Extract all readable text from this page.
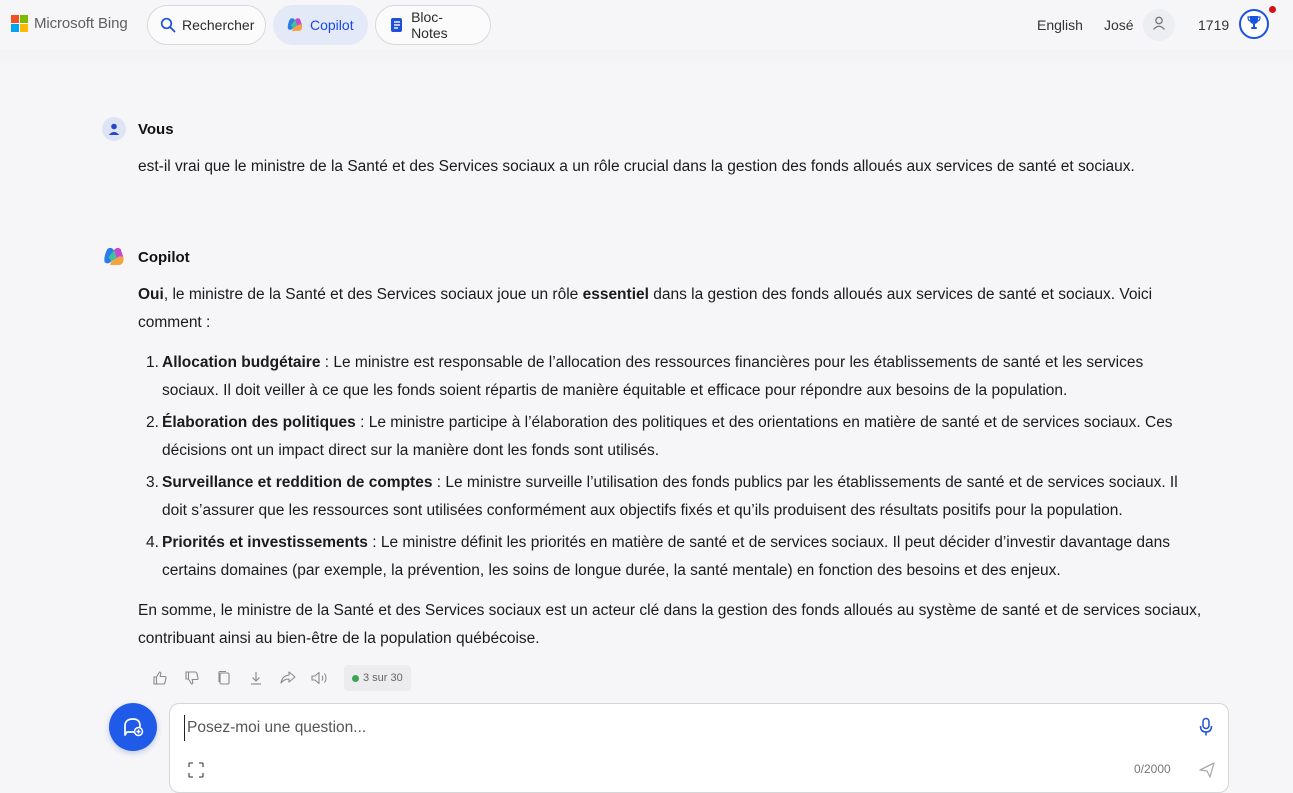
Microsoft Bing	Rechercher	Copilot	Bloc-Notes	English José	1719
Vous
est-il vrai que le ministre de la Santé et des Services sociaux a un rôle crucial dans la gestion des fonds alloués aux services de santé et sociaux.
Copilot
Oui, le ministre de la Santé et des Services sociaux joue un rôle essentiel dans la gestion des fonds alloués aux services de santé et sociaux. Voici comment :
1. Allocation budgétaire : Le ministre est responsable de l’allocation des ressources financières pour les établissements de santé et les services sociaux. Il doit veiller à ce que les fonds soient répartis de manière équitable et efficace pour répondre aux besoins de la population.
2. Élaboration des politiques : Le ministre participe à l’élaboration des politiques et des orientations en matière de santé et de services sociaux. Ces décisions ont un impact direct sur la manière dont les fonds sont utilisés.
3. Surveillance et reddition de comptes : Le ministre surveille l’utilisation des fonds publics par les établissements de santé et de services sociaux. Il doit s’assurer que les ressources sont utilisées conformément aux objectifs fixés et qu’ils produisent des résultats positifs pour la population.
4. Priorités et investissements : Le ministre définit les priorités en matière de santé et de services sociaux. Il peut décider d’investir davantage dans certains domaines (par exemple, la prévention, les soins de longue durée, la santé mentale) en fonction des besoins et des enjeux.
En somme, le ministre de la Santé et des Services sociaux est un acteur clé dans la gestion des fonds alloués au système de santé et de services sociaux, contribuant ainsi au bien-être de la population québécoise.
3 sur 30
Posez-moi une question...
0/2000
